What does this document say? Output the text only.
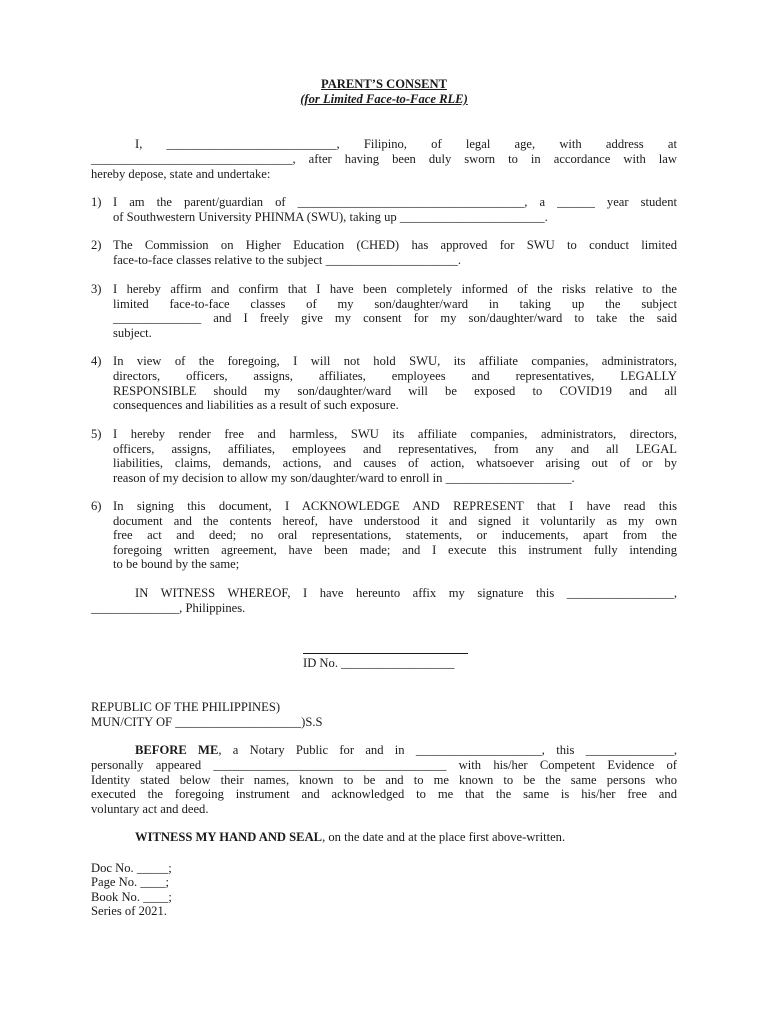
PARENT’S CONSENT
(for Limited Face-to-Face RLE)
I, ___________________________, Filipino, of legal age, with address at
________________________________, after having been duly sworn to in accordance with law
hereby depose, state and undertake:
1) I am the parent/guardian of ____________________________________, a ______ year student
of Southwestern University PHINMA (SWU), taking up _______________________.
2) The Commission on Higher Education (CHED) has approved for SWU to conduct limited
face-to-face classes relative to the subject _____________________.
3) I hereby affirm and confirm that I have been completely informed of the risks relative to the
limited face-to-face classes of my son/daughter/ward in taking up the subject
______________ and I freely give my consent for my son/daughter/ward to take the said
subject.
4) In view of the foregoing, I will not hold SWU, its affiliate companies, administrators,
directors, officers, assigns, affiliates, employees and representatives, LEGALLY
RESPONSIBLE should my son/daughter/ward will be exposed to COVID19 and all
consequences and liabilities as a result of such exposure.
5) I hereby render free and harmless, SWU its affiliate companies, administrators, directors,
officers, assigns, affiliates, employees and representatives, from any and all LEGAL
liabilities, claims, demands, actions, and causes of action, whatsoever arising out of or by
reason of my decision to allow my son/daughter/ward to enroll in ____________________.
6) In signing this document, I ACKNOWLEDGE AND REPRESENT that I have read this
document and the contents hereof, have understood it and signed it voluntarily as my own
free act and deed; no oral representations, statements, or inducements, apart from the
foregoing written agreement, have been made; and I execute this instrument fully intending
to be bound by the same;
IN WITNESS WHEREOF, I have hereunto affix my signature this _________________,
______________, Philippines.
ID No. __________________
REPUBLIC OF THE PHILIPPINES)
MUN/CITY OF ____________________)S.S
BEFORE ME, a Notary Public for and in ____________________, this ______________,
personally appeared _____________________________________ with his/her Competent Evidence of
Identity stated below their names, known to be and to me known to be the same persons who
executed the foregoing instrument and acknowledged to me that the same is his/her free and
voluntary act and deed.
WITNESS MY HAND AND SEAL, on the date and at the place first above-written.
Doc No. _____;
Page No. ____;
Book No. ____;
Series of 2021.
